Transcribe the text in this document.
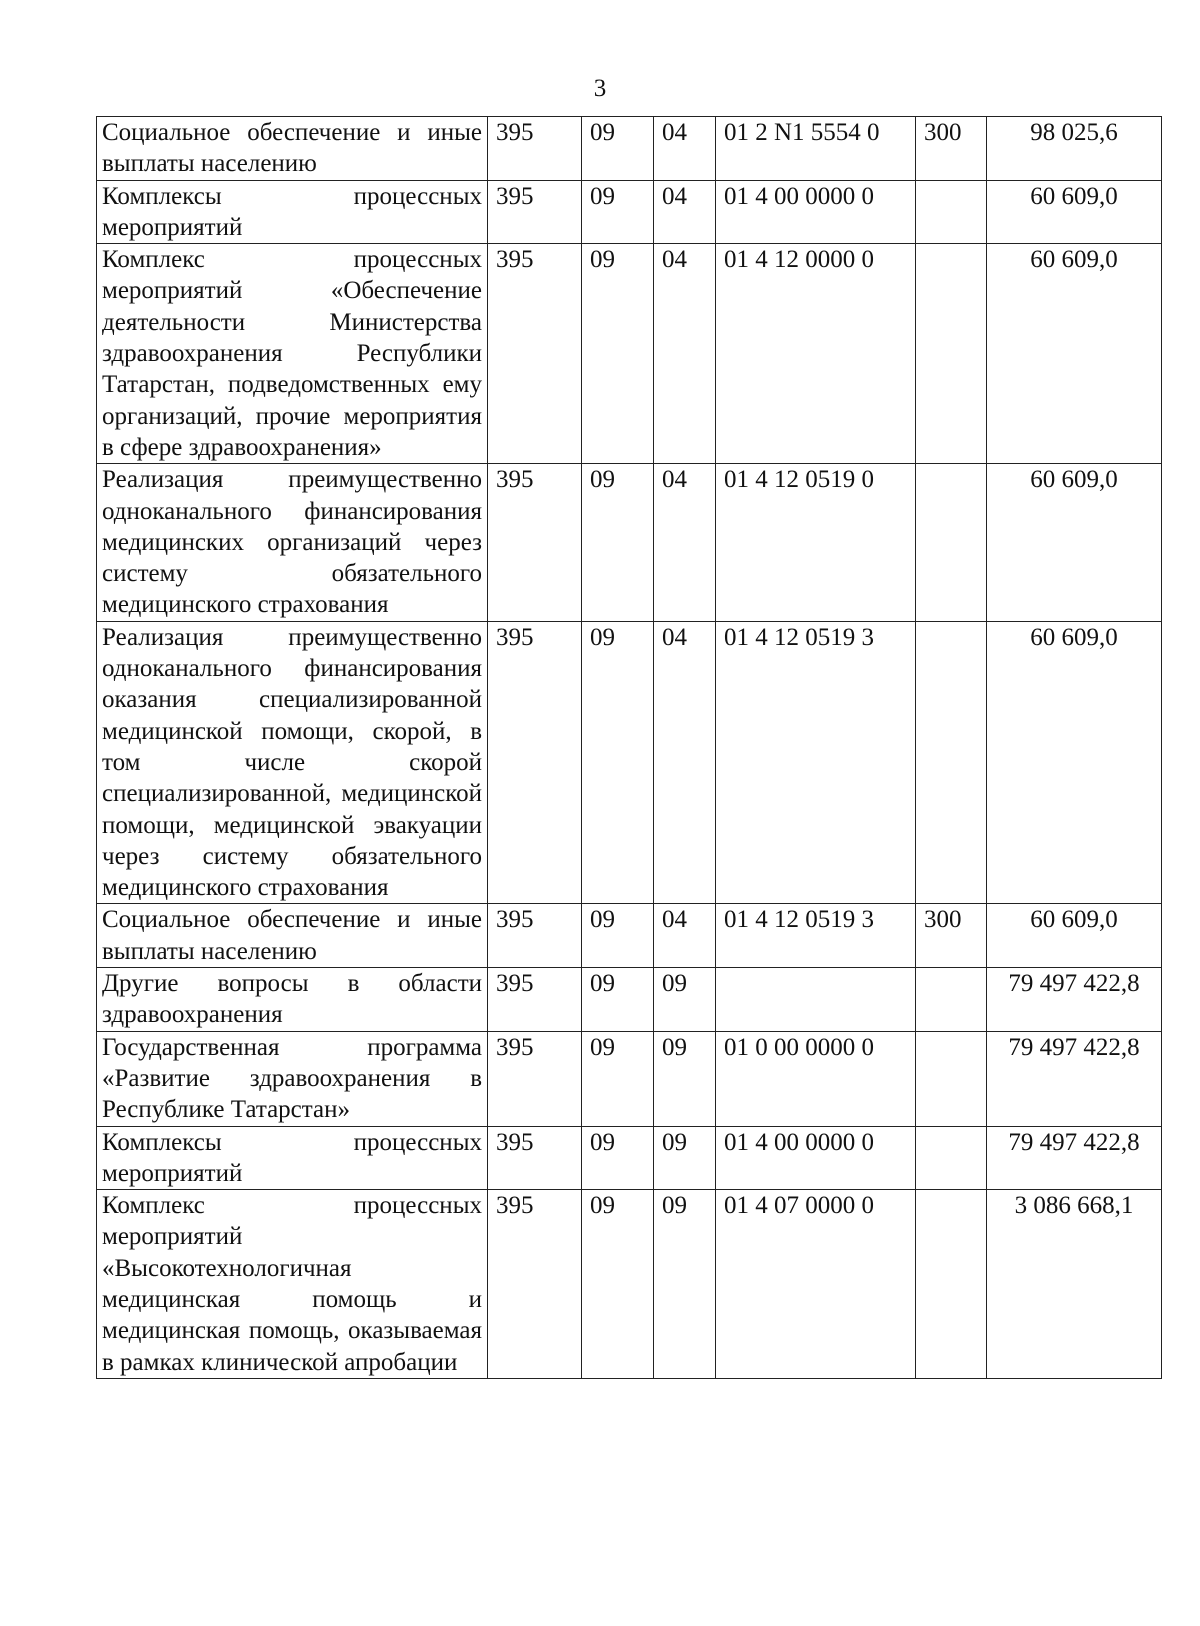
3
Социальное обеспечение и иные выплаты населению	395	09	04	01 2 N1 5554 0	300	98 025,6
Комплексы процессных мероприятий	395	09	04	01 4 00 0000 0		60 609,0
Комплекс процессных мероприятий «Обеспечение деятельности Министерства здравоохранения Республики Татарстан, подведомственных ему организаций, прочие мероприятия в сфере здравоохранения»	395	09	04	01 4 12 0000 0		60 609,0
Реализация преимущественно одноканального финансирования медицинских организаций через систему обязательного медицинского страхования	395	09	04	01 4 12 0519 0		60 609,0
Реализация преимущественно одноканального финансирования оказания специализированной медицинской помощи, скорой, в том числе скорой специализированной, медицинской помощи, медицинской эвакуации через систему обязательного медицинского страхования	395	09	04	01 4 12 0519 3		60 609,0
Социальное обеспечение и иные выплаты населению	395	09	04	01 4 12 0519 3	300	60 609,0
Другие вопросы в области здравоохранения	395	09	09			79 497 422,8
Государственная программа «Развитие здравоохранения в Республике Татарстан»	395	09	09	01 0 00 0000 0		79 497 422,8
Комплексы процессных мероприятий	395	09	09	01 4 00 0000 0		79 497 422,8
Комплекс процессных мероприятий «Высокотехнологичная медицинская помощь и медицинская помощь, оказываемая в рамках клинической апробации	395	09	09	01 4 07 0000 0		3 086 668,1
